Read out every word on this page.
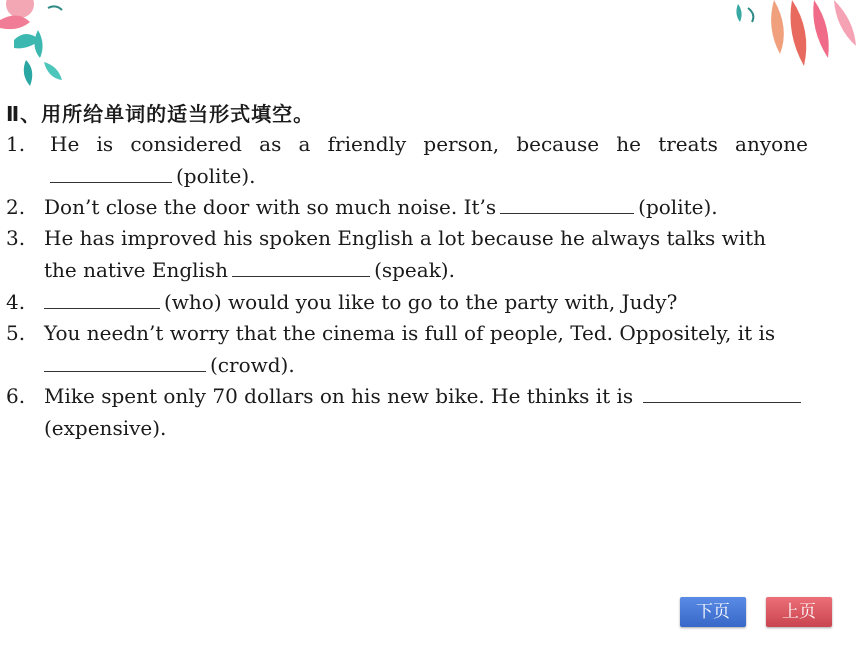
Ⅱ、用所给单词的适当形式填空。
1. He is considered as a friendly person, because he treats anyone
(polite).
2. Don’t close the door with so much noise. It’s	(polite).
3. He has improved his spoken English a lot because he always talks with
the native English	(speak).
4.	(who) would you like to go to the party with, Judy?
5. You needn’t worry that the cinema is full of people, Ted. Oppositely, it is
(crowd).
6. Mike spent only 70 dollars on his new bike. He thinks it is
(expensive).
下页	上页
